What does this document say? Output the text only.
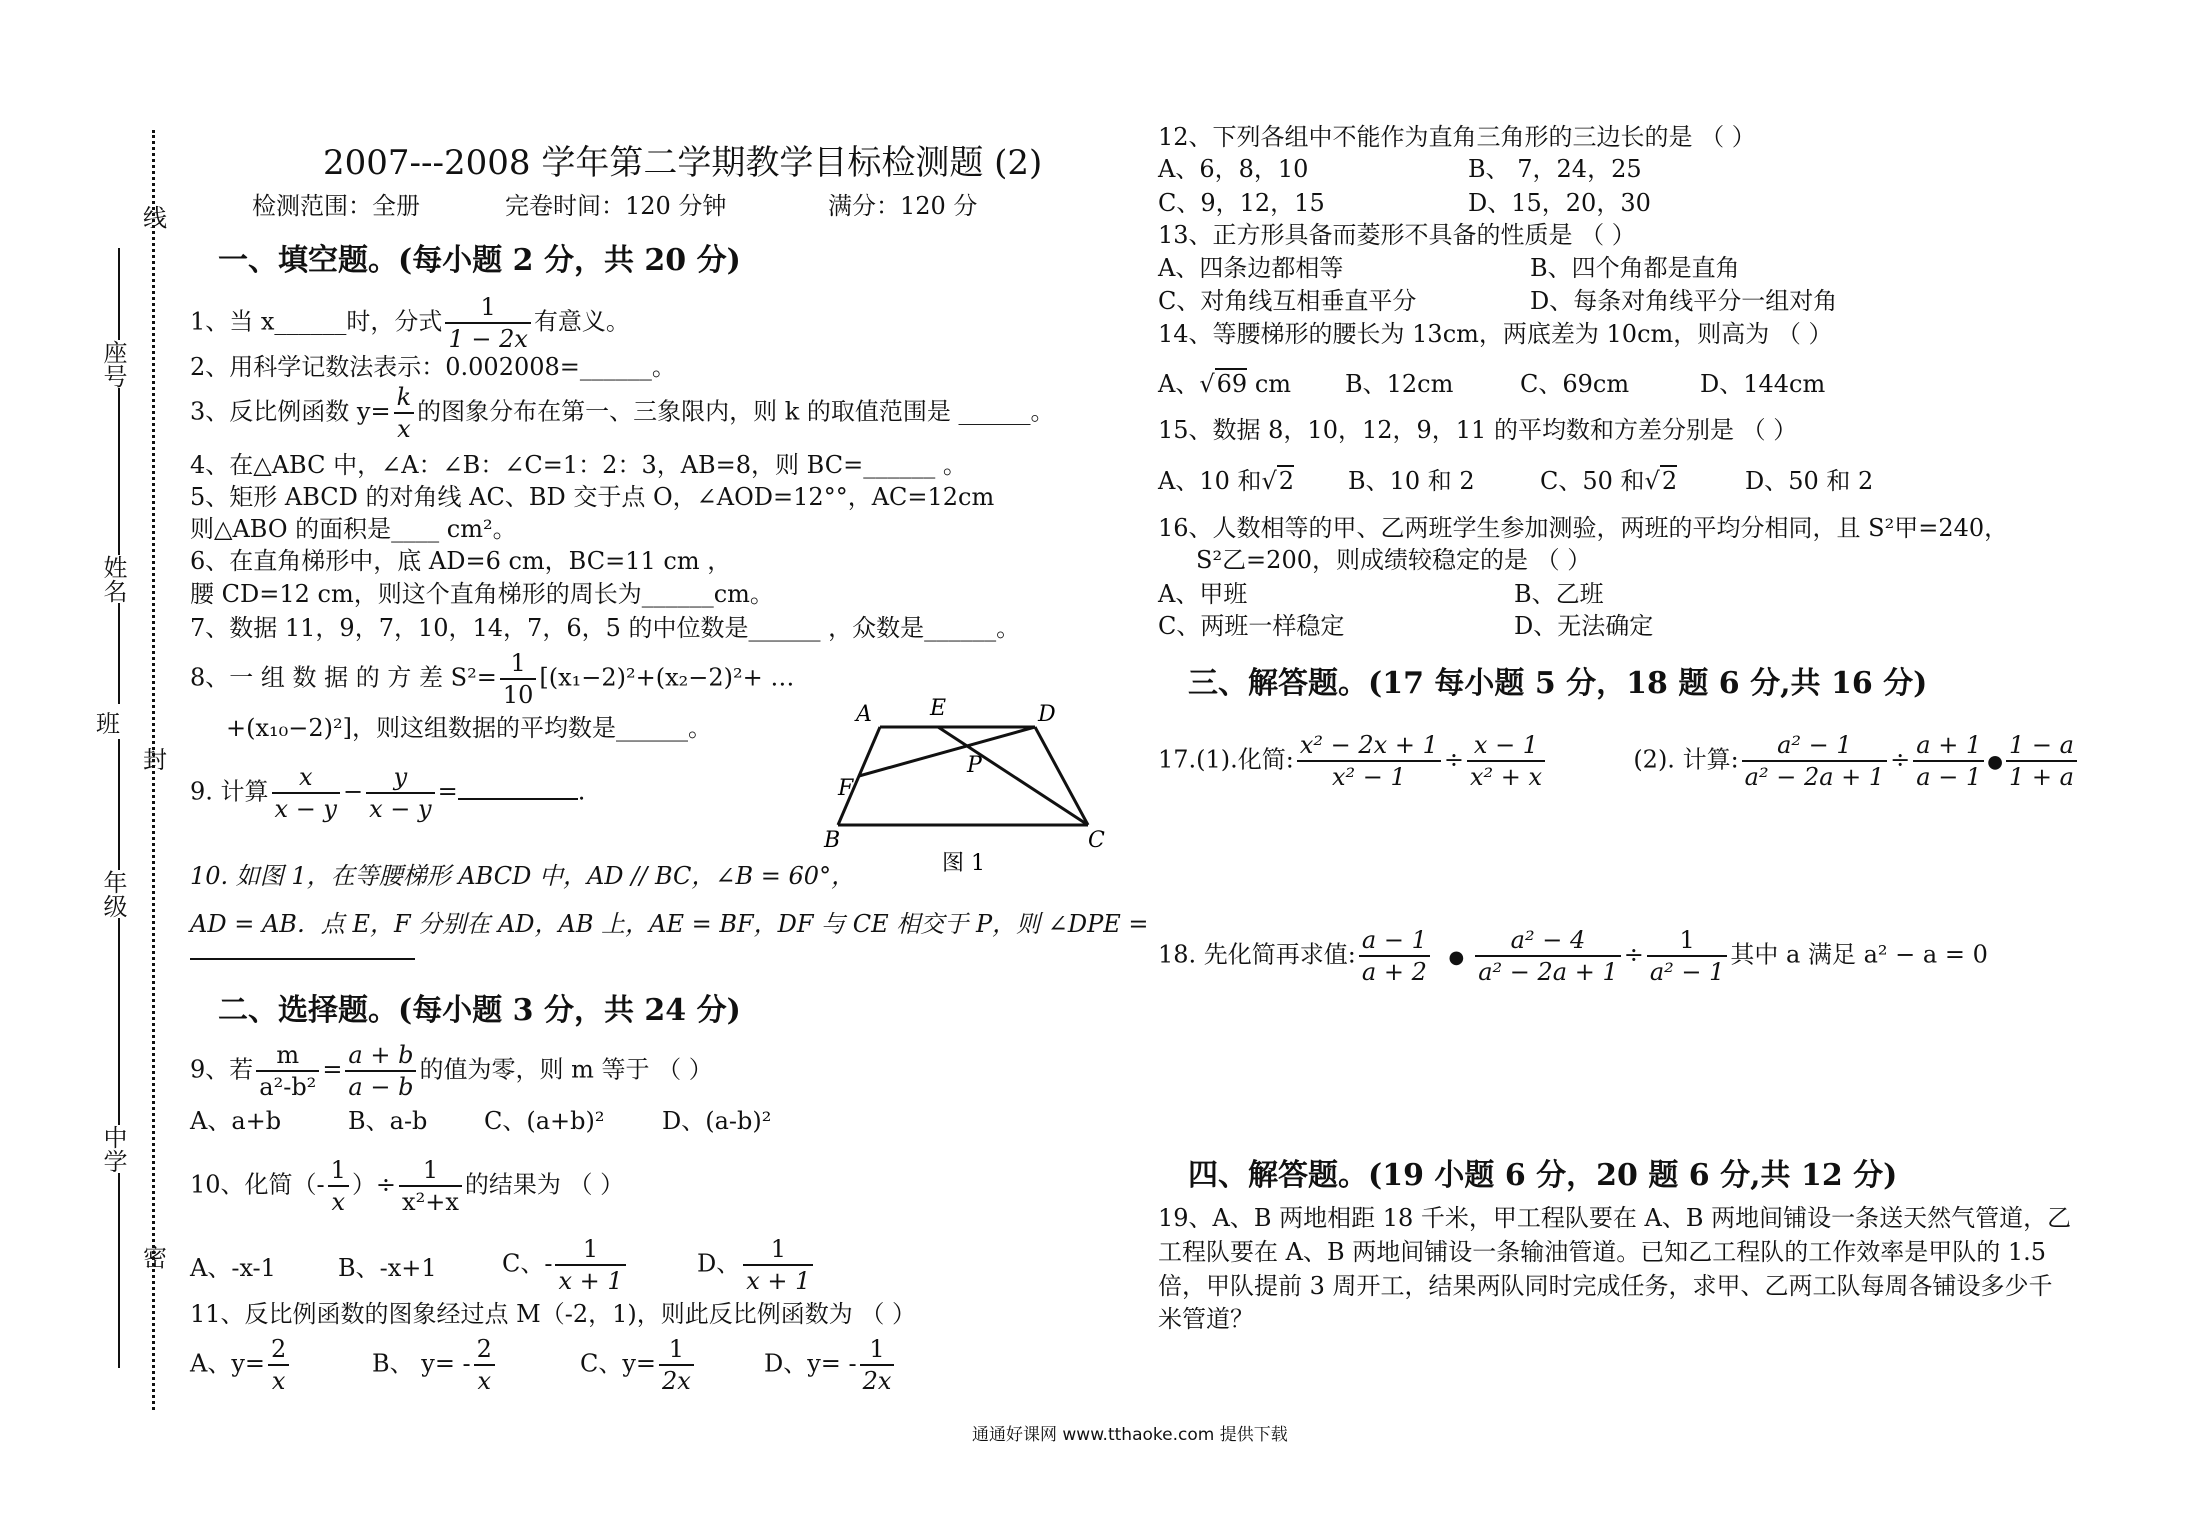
线
封
密
座号
姓名
班
年级
中学
2007---2008 学年第二学期教学目标检测题 (2)
检测范围：全册	完卷时间：120 分钟	满分：120 分
一、填空题。(每小题 2 分，共 20 分)
1、当 x______时，分式 $\frac{1}{1 - 2x}$ 有意义。
2、用科学记数法表示：0.002008=______。
3、反比例函数 $y= \frac{k}{x}$ 的图象分布在第一、三象限内，则 k 的取值范围是 ______。
4、在△ABC 中，∠A：∠B：∠C=1：2：3，AB=8，则 BC=______ 。
5、矩形 ABCD 的对角线 AC、BD 交于点 O，∠AOD=12°°，AC=12cm
则△ABO 的面积是____ cm²。
6、在直角梯形中，底 AD=6 cm，BC=11 cm ，
腰 CD=12 cm，则这个直角梯形的周长为______cm。
7、数据 11，9，7，10，14，7，6，5 的中位数是______ ，众数是______。
8、一 组 数 据 的 方 差 $S^2= \frac{1}{10} [(x_1-2)^2+(x_2-2)^2+$ …
+(x₁₀−2)²]，则这组数据的平均数是______。
9. 计算 $\frac{x}{x - y} - \frac{y}{x - y}$ =	.
10. 如图 1，在等腰梯形 ABCD 中，AD // BC，∠B = 60°，
AD = AB．点 E，F 分别在 AD，AB 上，AE = BF，DF 与 CE 相交于 P，则 ∠DPE =
A	E	D
P
F
B	C
图 1
二、选择题。(每小题 3 分，共 24 分)
9、若 $\frac{m}{\text{a²-b²}} = \frac{a + b}{a - b}$ 的值为零，则 m 等于 （ ）
A、a+b	B、a-b C、(a+b)² D、(a-b)²
10、化简（- $\frac{1}{x}$ ）÷ $\frac{1}{\text{x²+x}}$ 的结果为 （ ）
A、-x-1	B、-x+1	C、- $\frac{1}{x + 1}$	D、 $\frac{1}{x + 1}$
11、反比例函数的图象经过点 M（-2，1)，则此反比例函数为 （ ）
A、$y= \frac{2}{x}$	B、 $y= - \frac{2}{x}$	C、$y= \frac{1}{2x}$	D、$y= - \frac{1}{2x}$
12、下列各组中不能作为直角三角形的三边长的是 （ ）
A、6，8，10	B、 7，24，25
C、9，12，15	D、15，20，30
13、正方形具备而菱形不具备的性质是 （ ）
A、四条边都相等	B、四个角都是直角
C、对角线互相垂直平分	D、每条对角线平分一组对角
14、等腰梯形的腰长为 13cm，两底差为 10cm，则高为 （ ）
A、√69 cm B、12cm	C、69cm	D、144cm
15、数据 8，10，12，9，11 的平均数和方差分别是 （ ）
A、10 和√2 B、10 和 2	C、50 和√2	D、50 和 2
16、人数相等的甲、乙两班学生参加测验，两班的平均分相同，且 S²甲=240，
S²乙=200，则成绩较稳定的是 （ ）
A、甲班	B、乙班
C、两班一样稳定	D、无法确定
三、解答题。(17 每小题 5 分，18 题 6 分,共 16 分)
17.(1).化简: $\frac{\text{x² − 2x + 1}}{\text{x² − 1}} \div \frac{x - 1}{\text{x² + x}}$	(2). 计算: $\frac{\text{a² − 1}}{\text{a² − 2a + 1}} \div \frac{a + 1}{a - 1}$ ● $\frac{1 - a}{1 + a}$
18. 先化简再求值: $\frac{a - 1}{a + 2}$ ● $\frac{\text{a² − 4}}{\text{a² − 2a + 1}} \div \frac{1}{\text{a² − 1}}$ 其中 a 满足 a² − a = 0
四、解答题。(19 小题 6 分，20 题 6 分,共 12 分)
19、A、B 两地相距 18 千米，甲工程队要在 A、B 两地间铺设一条送天然气管道，乙
工程队要在 A、B 两地间铺设一条输油管道。已知乙工程队的工作效率是甲队的 1.5
倍，甲队提前 3 周开工，结果两队同时完成任务，求甲、乙两工队每周各铺设多少千
米管道？
通通好课网 www.tthaoke.com 提供下载
